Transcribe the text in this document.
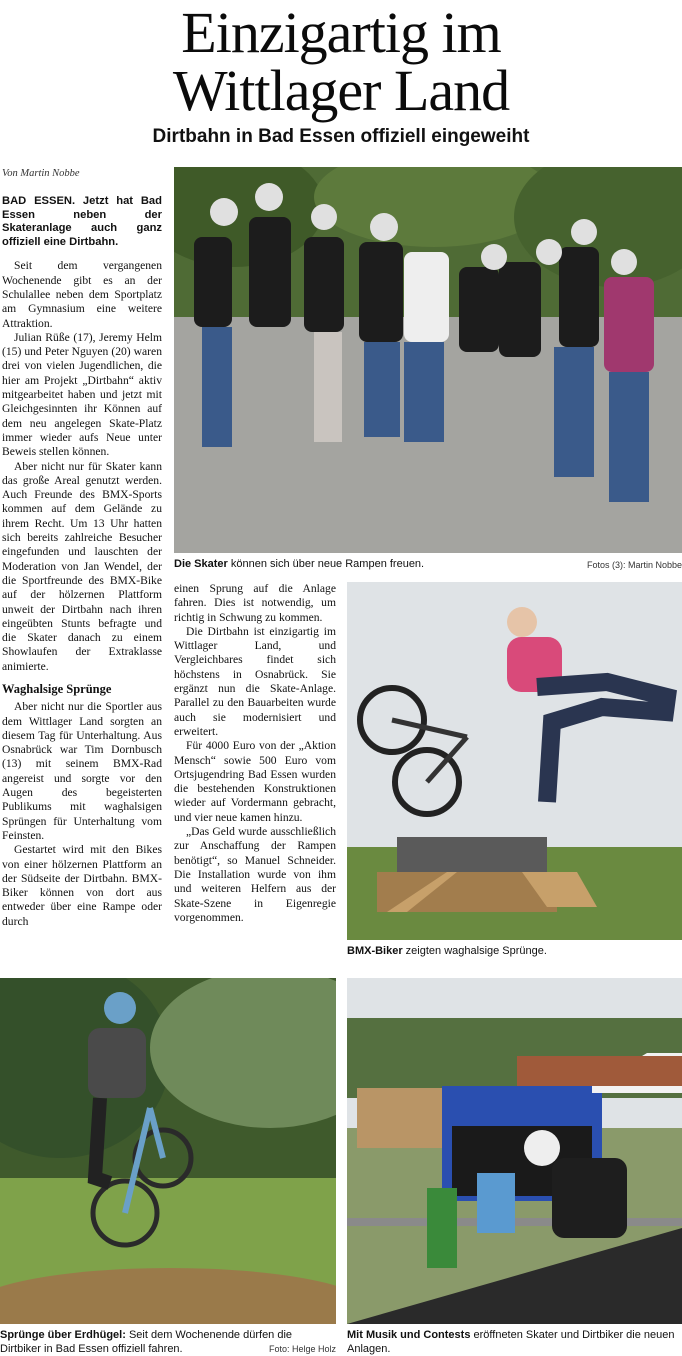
Einzigartig im
Wittlager Land
Dirtbahn in Bad Essen offiziell eingeweiht
Von Martin Nobbe

BAD ESSEN. Jetzt hat Bad Essen neben der Skateranlage auch ganz offiziell eine Dirtbahn.

Seit dem vergangenen Wochenende gibt es an der Schulallee neben dem Sportplatz am Gymnasium eine weitere Attraktion.

Julian Rüße (17), Jeremy Helm (15) und Peter Nguyen (20) waren drei von vielen Jugendlichen, die hier am Projekt „Dirtbahn“ aktiv mitgearbeitet haben und jetzt mit Gleichgesinnten ihr Können auf dem neu angelegen Skate-Platz immer wieder aufs Neue unter Beweis stellen können.

Aber nicht nur für Skater kann das große Areal genutzt werden. Auch Freunde des BMX-Sports kommen auf dem Gelände zu ihrem Recht. Um 13 Uhr hatten sich bereits zahlreiche Besucher eingefunden und lauschten der Moderation von Jan Wendel, der die Sportfreunde des BMX-Bike auf der hölzernen Plattform unweit der Dirtbahn nach ihren eingeübten Stunts befragte und die Skater danach zu einem Showlaufen der Extraklasse animierte.

Waghalsige Sprünge

Aber nicht nur die Sportler aus dem Wittlager Land sorgten an diesem Tag für Unterhaltung. Aus Osnabrück war Tim Dornbusch (13) mit seinem BMX-Rad angereist und sorgte vor den Augen des begeisterten Publikums mit waghalsigen Sprüngen für Unterhaltung vom Feinsten.

Gestartet wird mit den Bikes von einer hölzernen Plattform an der Südseite der Dirtbahn. BMX-Biker können von dort aus entweder über eine Rampe oder durch

einen Sprung auf die Anlage fahren. Dies ist notwendig, um richtig in Schwung zu kommen.

Die Dirtbahn ist einzigartig im Wittlager Land, und Vergleichbares findet sich höchstens in Osnabrück. Sie ergänzt nun die Skate-Anlage. Parallel zu den Bauarbeiten wurde auch sie modernisiert und erweitert.

Für 4000 Euro von der „Aktion Mensch“ sowie 500 Euro vom Ortsjugendring Bad Essen wurden die bestehenden Konstruktionen wieder auf Vordermann gebracht, und vier neue kamen hinzu.

„Das Geld wurde ausschließlich zur Anschaffung der Rampen benötigt“, so Manuel Schneider. Die Installation wurde von ihm und weiteren Helfern aus der Skate-Szene in Eigenregie vorgenommen.

Die Skater können sich über neue Rampen freuen.	Fotos (3): Martin Nobbe
BMX-Biker zeigten waghalsige Sprünge.
Sprünge über Erdhügel: Seit dem Wochenende dürfen die Dirtbiker in Bad Essen offiziell fahren.	Foto: Helge Holz
Mit Musik und Contests eröffneten Skater und Dirtbiker die neuen Anlagen.
